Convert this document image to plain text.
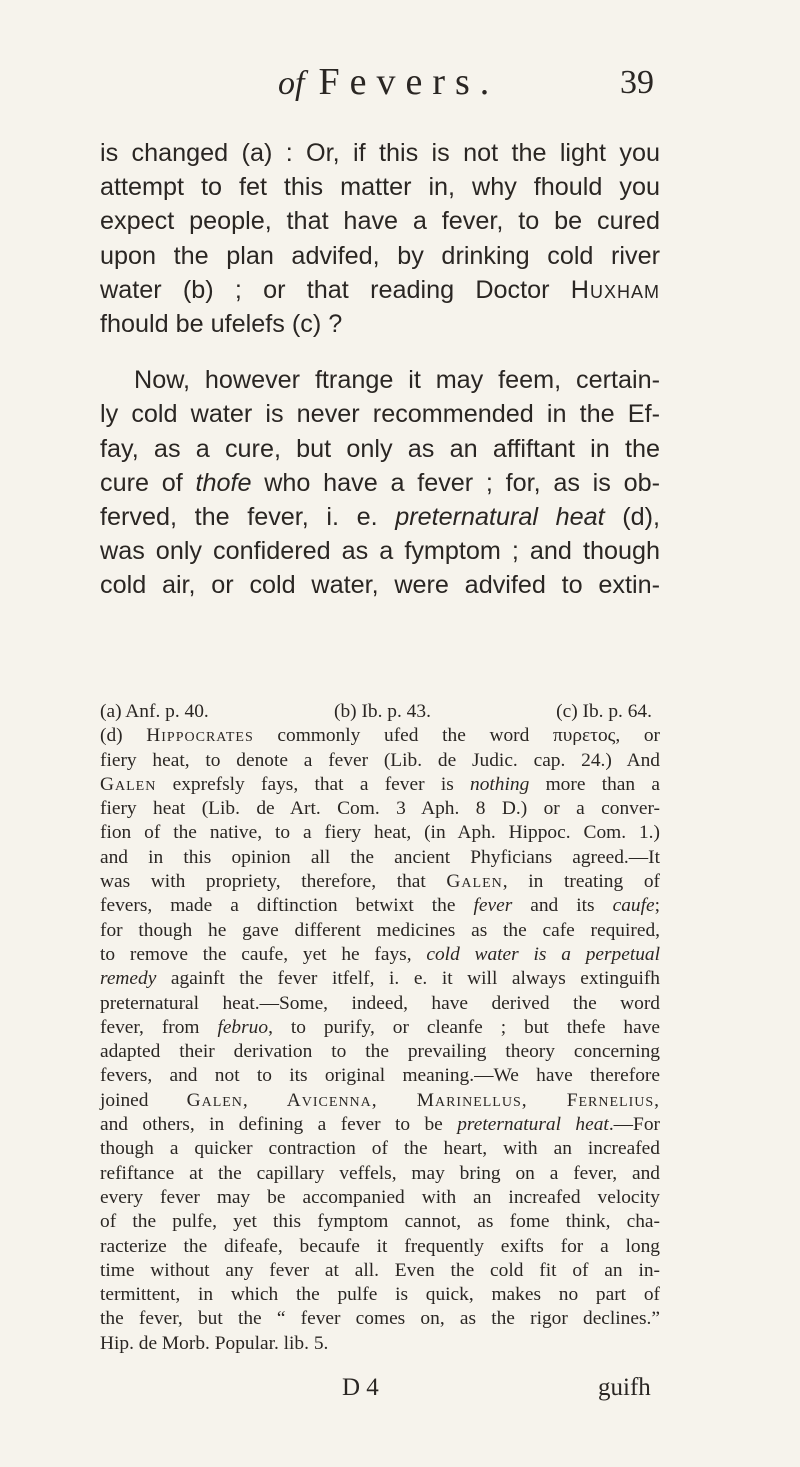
of Fevers.	39

is changed (a) : Or, if this is not the light you

attempt to fet this matter in, why fhould you

expect people, that have a fever, to be cured

upon the plan advifed, by drinking cold river

water (b) ; or that reading Doctor Huxham

fhould be ufelefs (c) ?

Now, however ftrange it may feem, certain-

ly cold water is never recommended in the Ef-

fay, as a cure, but only as an affiftant in the

cure of thofe who have a fever ; for, as is ob-

ferved, the fever, i. e. preternatural heat (d),

was only confidered as a fymptom ; and though

cold air, or cold water, were advifed to extin-

(a) Anf. p. 40.	(b) Ib. p. 43.	(c) Ib. p. 64.

(d) Hippocrates commonly ufed the word πυρετος, or

fiery heat, to denote a fever (Lib. de Judic. cap. 24.) And

Galen exprefsly fays, that a fever is nothing more than a

fiery heat (Lib. de Art. Com. 3 Aph. 8 D.) or a conver-

fion of the native, to a fiery heat, (in Aph. Hippoc. Com. 1.)

and in this opinion all the ancient Phyficians agreed.—It

was with propriety, therefore, that Galen, in treating of

fevers, made a diftinction betwixt the fever and its caufe;

for though he gave different medicines as the cafe required,

to remove the caufe, yet he fays, cold water is a perpetual

remedy againft the fever itfelf, i. e. it will always extinguifh

preternatural heat.—Some, indeed, have derived the word

fever, from februo, to purify, or cleanfe ; but thefe have

adapted their derivation to the prevailing theory concerning

fevers, and not to its original meaning.—We have therefore

joined Galen, Avicenna, Marinellus, Fernelius,

and others, in defining a fever to be preternatural heat.—For

though a quicker contraction of the heart, with an increafed

refiftance at the capillary veffels, may bring on a fever, and

every fever may be accompanied with an increafed velocity

of the pulfe, yet this fymptom cannot, as fome think, cha-

racterize the difeafe, becaufe it frequently exifts for a long

time without any fever at all. Even the cold fit of an in-

termittent, in which the pulfe is quick, makes no part of

the fever, but the “ fever comes on, as the rigor declines.”

Hip. de Morb. Popular. lib. 5.

D 4	guifh
